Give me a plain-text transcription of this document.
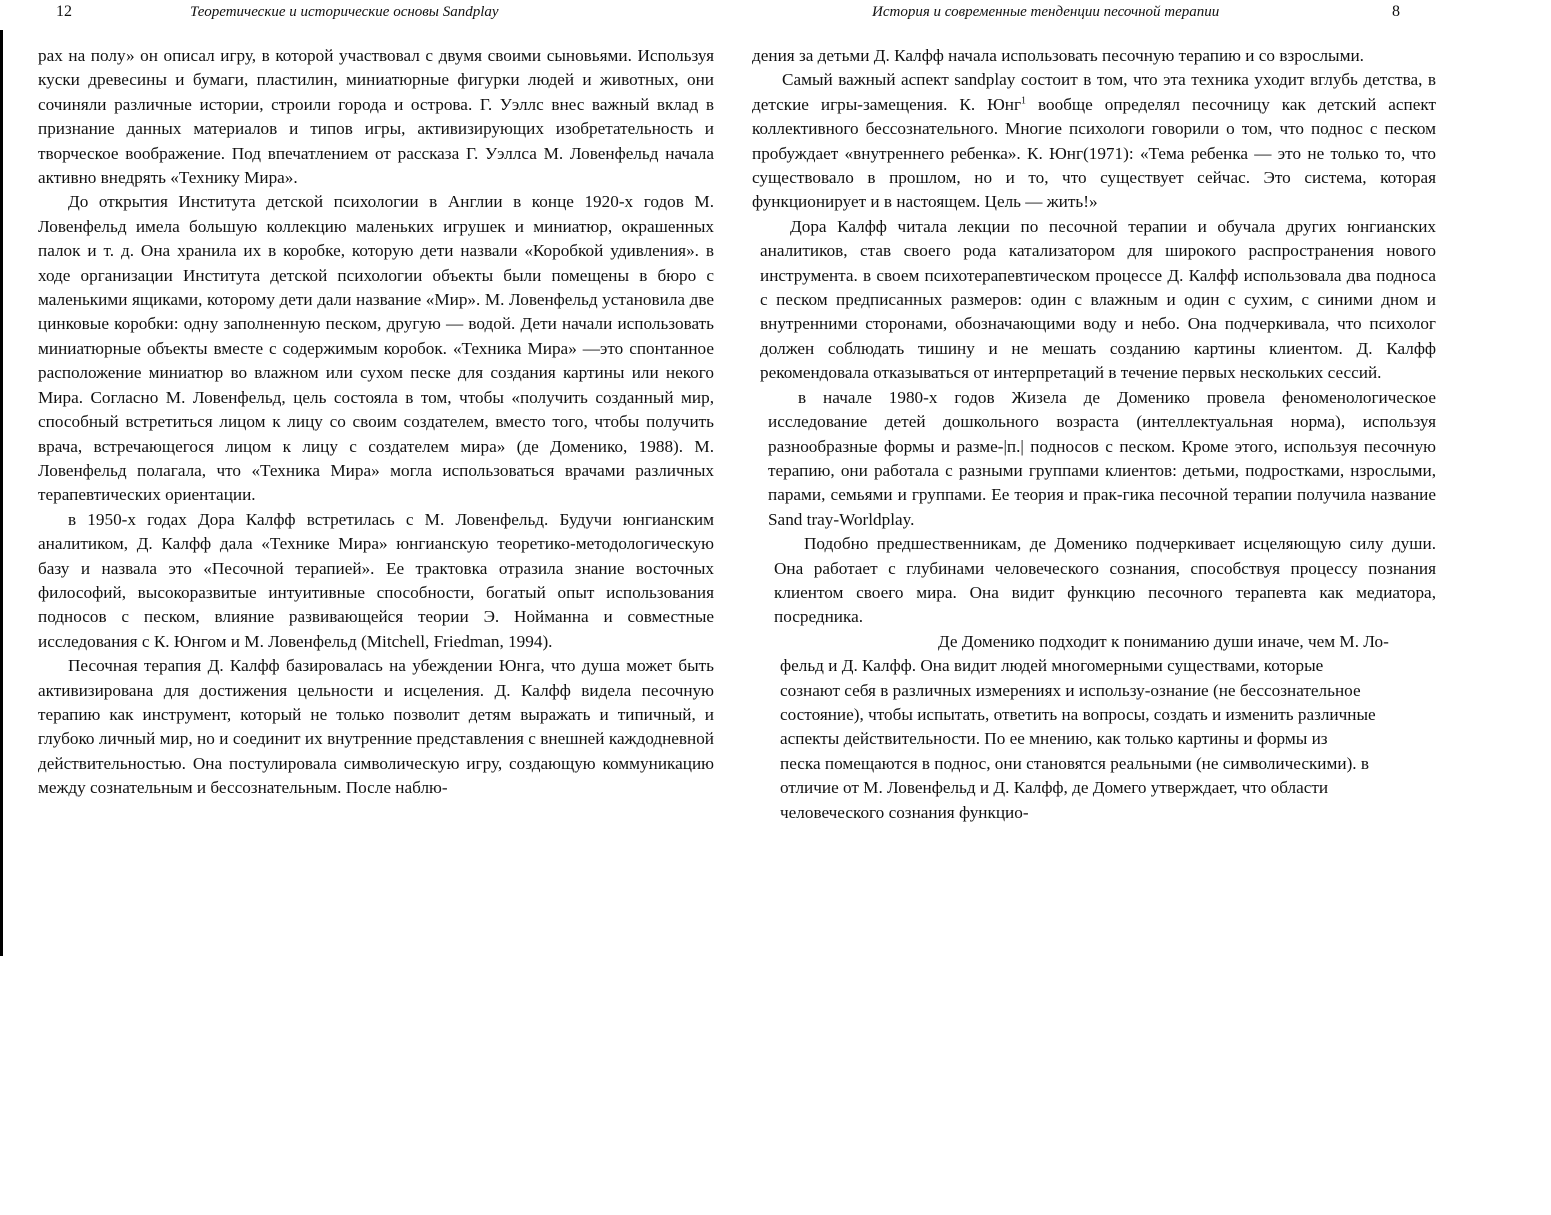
12	Теоретические и исторические основы Sandplay

рах на полу» он описал игру, в которой участвовал с двумя своими сыновьями. Используя куски древесины и бумаги, пластилин, миниатюрные фигурки людей и животных, они сочиняли различные истории, строили города и острова. Г. Уэллс внес важный вклад в признание данных материалов и типов игры, активизирующих изобретательность и творческое воображение. Под впечатлением от рассказа Г. Уэллса М. Ловенфельд начала активно внедрять «Технику Мира».

До открытия Института детской психологии в Англии в конце 1920-х годов М. Ловенфельд имела большую коллекцию маленьких игрушек и миниатюр, окрашенных палок и т. д. Она хранила их в коробке, которую дети назвали «Коробкой удивления». в ходе организации Института детской психологии объекты были помещены в бюро с маленькими ящиками, которому дети дали название «Мир». М. Ловенфельд установила две цинковые коробки: одну заполненную песком, другую — водой. Дети начали использовать миниатюрные объекты вместе с содержимым коробок. «Техника Мира» —это спонтанное расположение миниатюр во влажном или сухом песке для создания картины или некого Мира. Согласно М. Ловенфельд, цель состояла в том, чтобы «получить созданный мир, способный встретиться лицом к лицу со своим создателем, вместо того, чтобы получить врача, встречающегося лицом к лицу с создателем мира» (де Доменико, 1988). М. Ловенфельд полагала, что «Техника Мира» могла использоваться врачами различных терапевтических ориентации.

в 1950-х годах Дора Калфф встретилась с М. Ловенфельд. Будучи юнгианским аналитиком, Д. Калфф дала «Технике Мира» юнгианскую теоретико-методологическую базу и назвала это «Песочной терапией». Ее трактовка отразила знание восточных философий, высокоразвитые интуитивные способности, богатый опыт использования подносов с песком, влияние развивающейся теории Э. Нойманна и совместные исследования с К. Юнгом и М. Ловенфельд (Mitchell, Friedman, 1994).

Песочная терапия Д. Калфф базировалась на убеждении Юнга, что душа может быть активизирована для достижения цельности и исцеления. Д. Калфф видела песочную терапию как инструмент, который не только позволит детям выражать и типичный, и глубоко личный мир, но и соединит их внутренние представления с внешней каждодневной действительностью. Она постулировала символическую игру, создающую коммуникацию между сознательным и бессознательным. После наблю-

История и современные тенденции песочной терапии	8

дения за детьми Д. Калфф начала использовать песочную терапию и со взрослыми.

Самый важный аспект sandplay состоит в том, что эта техника уходит вглубь детства, в детские игры-замещения. К. Юнг$^1$ вообще определял песочницу как детский аспект коллективного бессознательного. Многие психологи говорили о том, что поднос с песком пробуждает «внутреннего ребенка». К. Юнг(1971): «Тема ребенка — это не только то, что существовало в прошлом, но и то, что существует сейчас. Это система, которая функционирует и в настоящем. Цель — жить!»

Дора Калфф читала лекции по песочной терапии и обучала других юнгианских аналитиков, став своего рода катализатором для широкого распространения нового инструмента. в своем психотерапевтическом процессе Д. Калфф использовала два подноса с песком предписанных размеров: один с влажным и один с сухим, с синими дном и внутренними сторонами, обозначающими воду и небо. Она подчеркивала, что психолог должен соблюдать тишину и не мешать созданию картины клиентом. Д. Калфф рекомендовала отказываться от интерпретаций в течение первых нескольких сессий.

в начале 1980-х годов Жизела де Доменико провела феноменологическое исследование детей дошкольного возраста (интеллектуальная норма), используя разнообразные формы и разме-|п.| подносов с песком. Кроме этого, используя песочную терапию, они работала с разными группами клиентов: детьми, подростками, нзрослыми, парами, семьями и группами. Ее теория и прак-гика песочной терапии получила название Sand tray-Worldplay.

Подобно предшественникам, де Доменико подчеркивает исцеляющую силу души. Она работает с глубинами человеческого сознания, способствуя процессу познания клиентом своего мира. Она видит функцию песочного терапевта как медиатора, посредника.

Де Доменико подходит к пониманию души иначе, чем М. Ло-
фельд и Д. Калфф. Она видит людей многомерными существами, которые
сознают себя в различных измерениях и использу-ознание (не бессознательное
состояние), чтобы испытать, ответить на вопросы, создать и изменить различные
аспекты действительности. По ее мнению, как только картины и формы из
песка помещаются в поднос, они становятся реальными (не символическими). в
отличие от М. Ловенфельд и Д. Калфф, де Домего утверждает, что области
человеческого сознания функцио-
